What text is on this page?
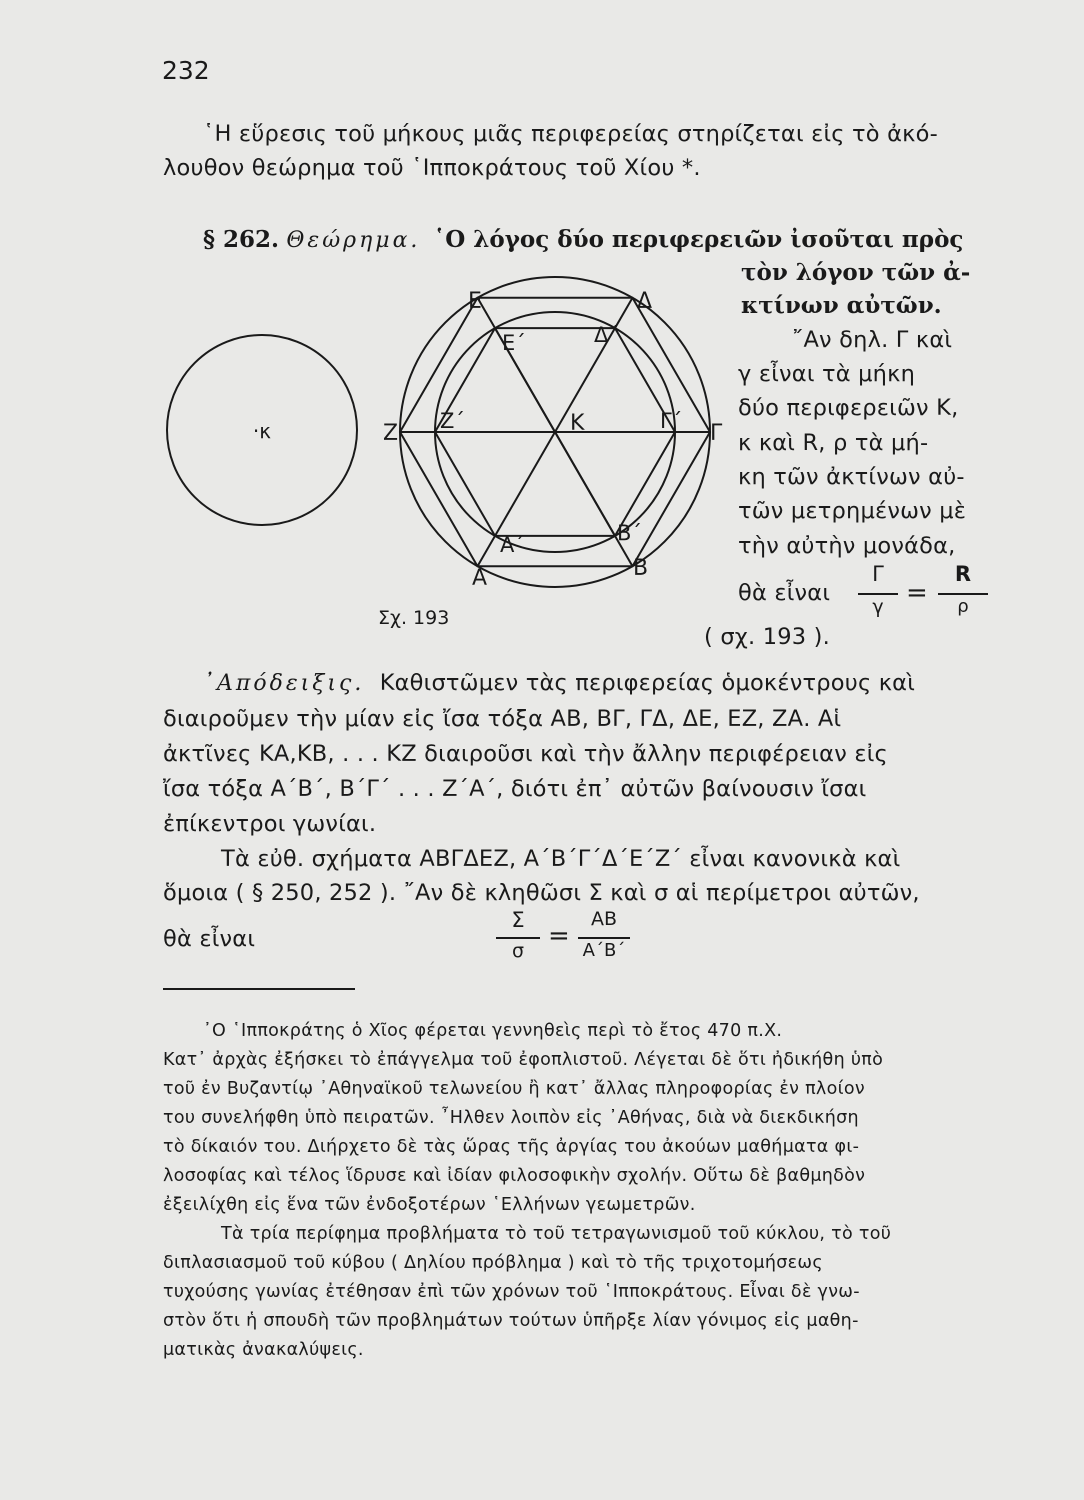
232
῾Η εὕρεσις τοῦ μήκους μιᾶς περιφερείας στηρίζεται εἰς τὸ ἀκό-
λουθον θεώρημα τοῦ ῾Ιπποκράτους τοῦ Χίου *.
§ 262. Θεώρημα. ῾Ο λόγος δύο περιφερειῶν ἰσοῦται πρὸς
τὸν λόγον τῶν ἀ-
κτίνων αὐτῶν.
῎Αν δηλ. Γ καὶ
γ εἶναι τὰ μήκη
δύο περιφερειῶν Κ,
κ καὶ R, ρ τὰ μή-
κη τῶν ἀκτίνων αὐ-
τῶν μετρημένων μὲ
τὴν αὐτὴν μονάδα,
θὰ εἶναι
Γ
γ =
R
ρ
( σχ. 193 ).
·κ
Ε	Δ
Ζ	Γ
Α	Β
Ε΄	Δ΄
Ζ΄	Γ΄
Α΄	Β΄
Κ
Σχ. 193
᾿Απόδειξις. Καθιστῶμεν τὰς περιφερείας ὁμοκέντρους καὶ
διαιροῦμεν τὴν μίαν εἰς ἴσα τόξα ΑΒ, ΒΓ, ΓΔ, ΔΕ, ΕΖ, ΖΑ. Αἱ
ἀκτῖνες ΚΑ,ΚΒ, . . . ΚΖ διαιροῦσι καὶ τὴν ἄλλην περιφέρειαν εἰς
ἴσα τόξα Α΄Β΄, Β΄Γ΄ . . . Ζ΄Α΄, διότι ἐπ᾿ αὐτῶν βαίνουσιν ἴσαι
ἐπίκεντροι γωνίαι.
Τὰ εὐθ. σχήματα ΑΒΓΔΕΖ, Α΄Β΄Γ΄Δ΄Ε΄Ζ΄ εἶναι κανονικὰ καὶ
ὅμοια ( § 250, 252 ). ῎Αν δὲ κληθῶσι Σ καὶ σ αἱ περίμετροι αὐτῶν,
θὰ εἶναι
Σ
σ =
ΑΒ
Α΄Β΄
᾿Ο ῾Ιπποκράτης ὁ Χῖος φέρεται γεννηθεὶς περὶ τὸ ἔτος 470 π.Χ.
Κατ᾿ ἀρχὰς ἐξήσκει τὸ ἐπάγγελμα τοῦ ἐφοπλιστοῦ. Λέγεται δὲ ὅτι ἠδικήθη ὑπὸ
τοῦ ἐν Βυζαντίῳ ᾿Αθηναϊκοῦ τελωνείου ἢ κατ᾿ ἄλλας πληροφορίας ἐν πλοίον
του συνελήφθη ὑπὸ πειρατῶν. ῏Ηλθεν λοιπὸν εἰς ᾿Αθήνας, διὰ νὰ διεκδικήση
τὸ δίκαιόν του. Διήρχετο δὲ τὰς ὥρας τῆς ἀργίας του ἀκούων μαθήματα φι-
λοσοφίας καὶ τέλος ἵδρυσε καὶ ἰδίαν φιλοσοφικὴν σχολήν. Οὕτω δὲ βαθμηδὸν
ἐξειλίχθη εἰς ἕνα τῶν ἐνδοξοτέρων ῾Ελλήνων γεωμετρῶν.
Τὰ τρία περίφημα προβλήματα τὸ τοῦ τετραγωνισμοῦ τοῦ κύκλου, τὸ τοῦ
διπλασιασμοῦ τοῦ κύβου ( Δηλίου πρόβλημα ) καὶ τὸ τῆς τριχοτομήσεως
τυχούσης γωνίας ἐτέθησαν ἐπὶ τῶν χρόνων τοῦ ῾Ιπποκράτους. Εἶναι δὲ γνω-
στὸν ὅτι ἡ σπουδὴ τῶν προβλημάτων τούτων ὑπῆρξε λίαν γόνιμος εἰς μαθη-
ματικὰς ἀνακαλύψεις.
